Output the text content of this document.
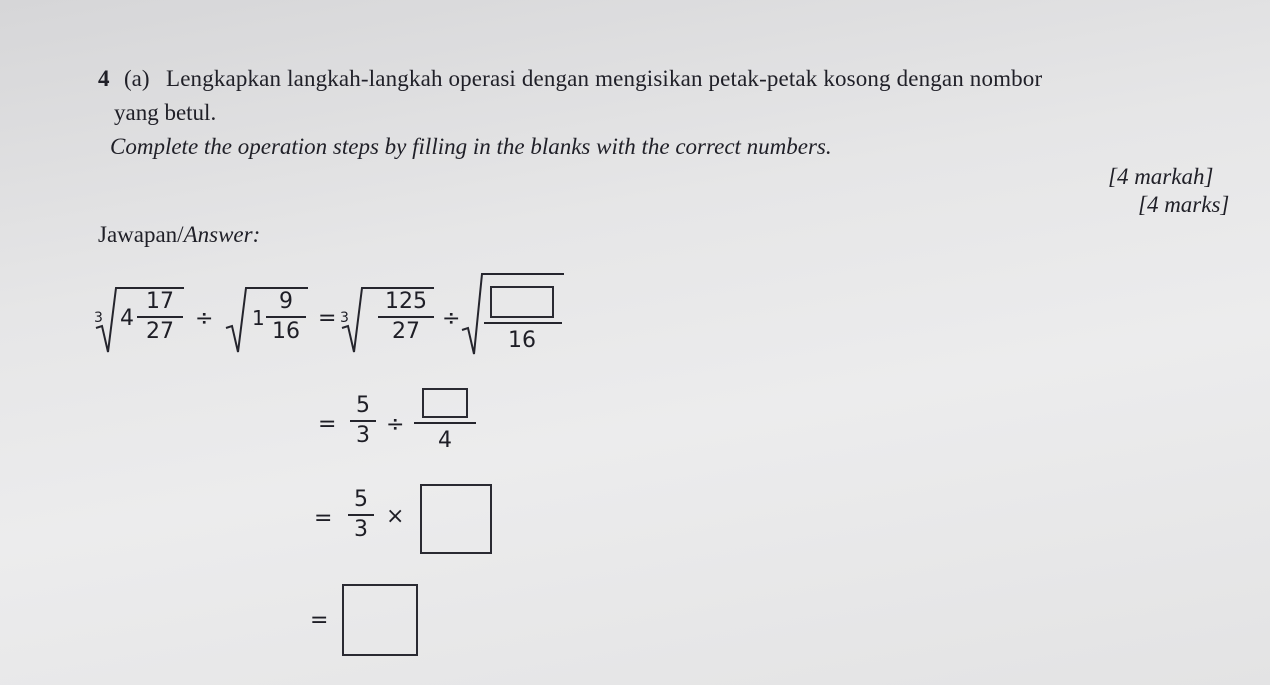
4 (a) Lengkapkan langkah-langkah operasi dengan mengisikan petak-petak kosong dengan nombor
yang betul.
Complete the operation steps by filling in the blanks with the correct numbers.
[4 markah]
[4 marks]
Jawapan/Answer:
3 4
17
27
÷ 1
9
16
= 3
125
27
÷
16
=
5
3 ÷
4
=
5
3
×
=
